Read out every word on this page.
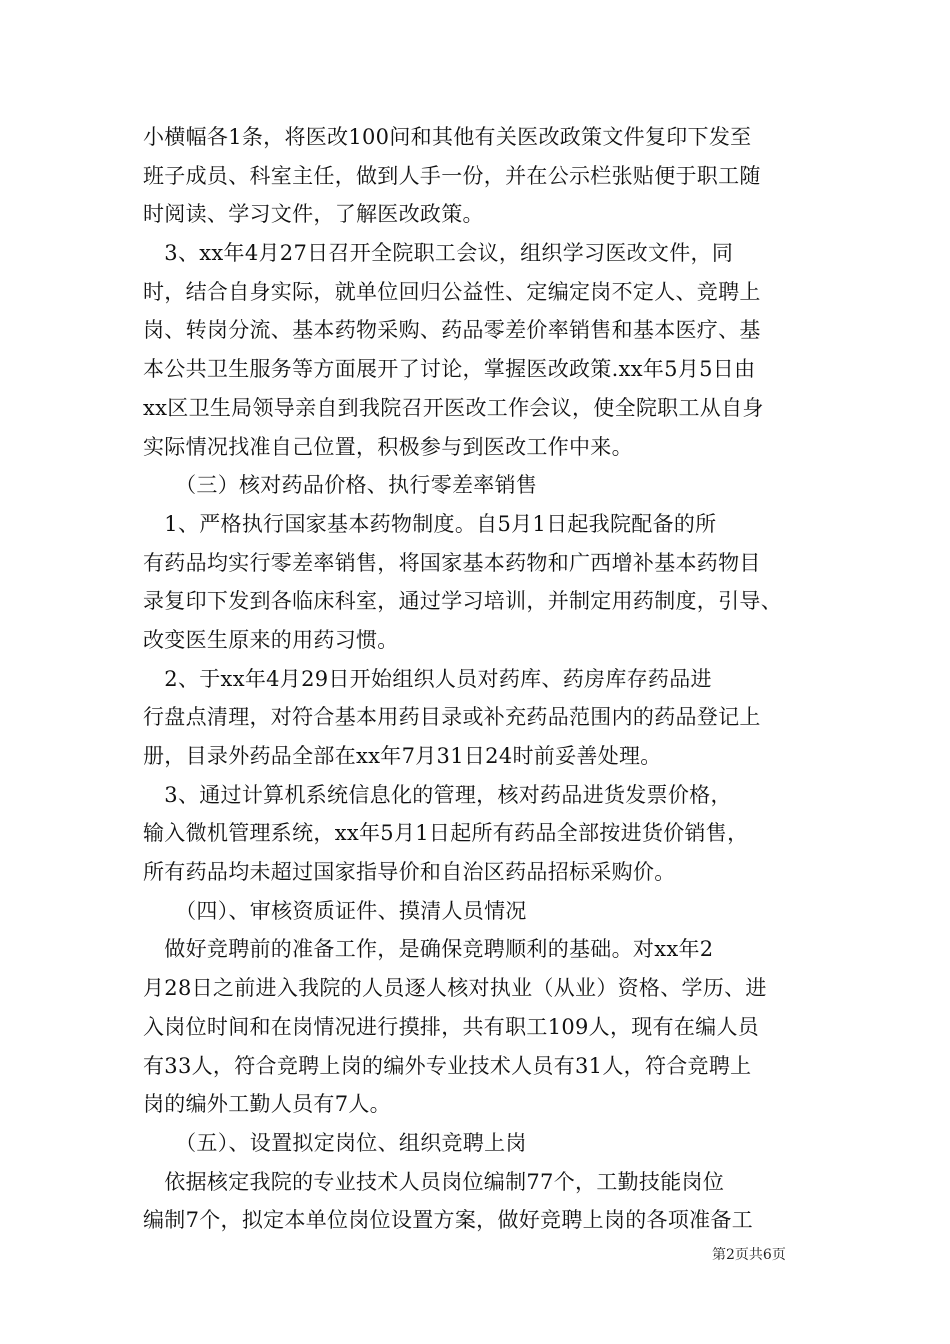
小横幅各1条，将医改100问和其他有关医改政策文件复印下发至
班子成员、科室主任，做到人手一份，并在公示栏张贴便于职工随
时阅读、学习文件，了解医改政策。
　3、xx年4月27日召开全院职工会议，组织学习医改文件，同
时，结合自身实际，就单位回归公益性、定编定岗不定人、竞聘上
岗、转岗分流、基本药物采购、药品零差价率销售和基本医疗、基
本公共卫生服务等方面展开了讨论，掌握医改政策.xx年5月5日由
xx区卫生局领导亲自到我院召开医改工作会议，使全院职工从自身
实际情况找准自己位置，积极参与到医改工作中来。
　　（三）核对药品价格、执行零差率销售
　1、严格执行国家基本药物制度。自5月1日起我院配备的所
有药品均实行零差率销售，将国家基本药物和广西增补基本药物目
录复印下发到各临床科室，通过学习培训，并制定用药制度，引导、
改变医生原来的用药习惯。
　2、于xx年4月29日开始组织人员对药库、药房库存药品进
行盘点清理，对符合基本用药目录或补充药品范围内的药品登记上
册，目录外药品全部在xx年7月31日24时前妥善处理。
　3、通过计算机系统信息化的管理，核对药品进货发票价格，
输入微机管理系统，xx年5月1日起所有药品全部按进货价销售，
所有药品均未超过国家指导价和自治区药品招标采购价。
　　（四）、审核资质证件、摸清人员情况
　做好竞聘前的准备工作，是确保竞聘顺利的基础。对xx年2
月28日之前进入我院的人员逐人核对执业（从业）资格、学历、进
入岗位时间和在岗情况进行摸排，共有职工109人，现有在编人员
有33人，符合竞聘上岗的编外专业技术人员有31人，符合竞聘上
岗的编外工勤人员有7人。
　　（五）、设置拟定岗位、组织竞聘上岗
　依据核定我院的专业技术人员岗位编制77个，工勤技能岗位
编制7个，拟定本单位岗位设置方案，做好竞聘上岗的各项准备工
第2页共6页
